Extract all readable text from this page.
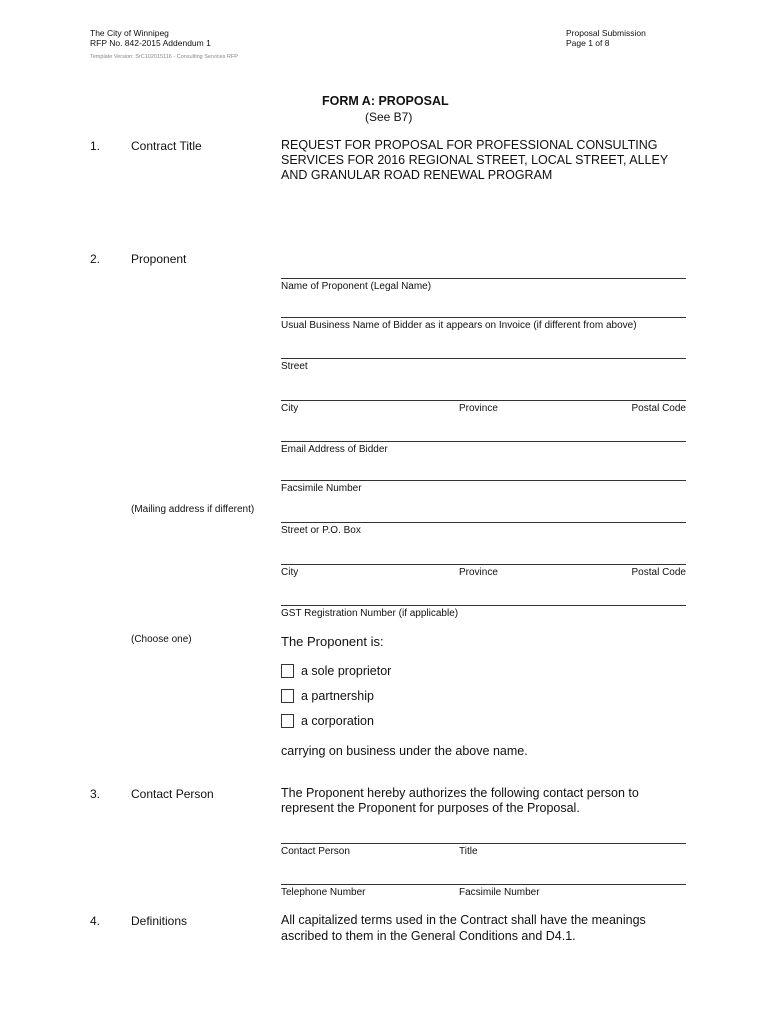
The City of Winnipeg
RFP No. 842-2015 Addendum 1
Template Version: SrC102015116 - Consulting Services RFP
Proposal Submission
Page 1 of 8
FORM A: PROPOSAL
(See B7)
1.	Contract Title	REQUEST FOR PROPOSAL FOR PROFESSIONAL CONSULTING
SERVICES FOR 2016 REGIONAL STREET, LOCAL STREET, ALLEY
AND GRANULAR ROAD RENEWAL PROGRAM
2.	Proponent
Name of Proponent (Legal Name)
Usual Business Name of Bidder as it appears on Invoice (if different from above)
Street
City	Province	Postal Code
Email Address of Bidder
Facsimile Number
(Mailing address if different)
Street or P.O. Box
City	Province	Postal Code
GST Registration Number (if applicable)
(Choose one)	The Proponent is:
a sole proprietor
a partnership
a corporation
carrying on business under the above name.
3.	Contact Person	The Proponent hereby authorizes the following contact person to
represent the Proponent for purposes of the Proposal.
Contact Person	Title
Telephone Number	Facsimile Number
4.	Definitions	All capitalized terms used in the Contract shall have the meanings
ascribed to them in the General Conditions and D4.1.
